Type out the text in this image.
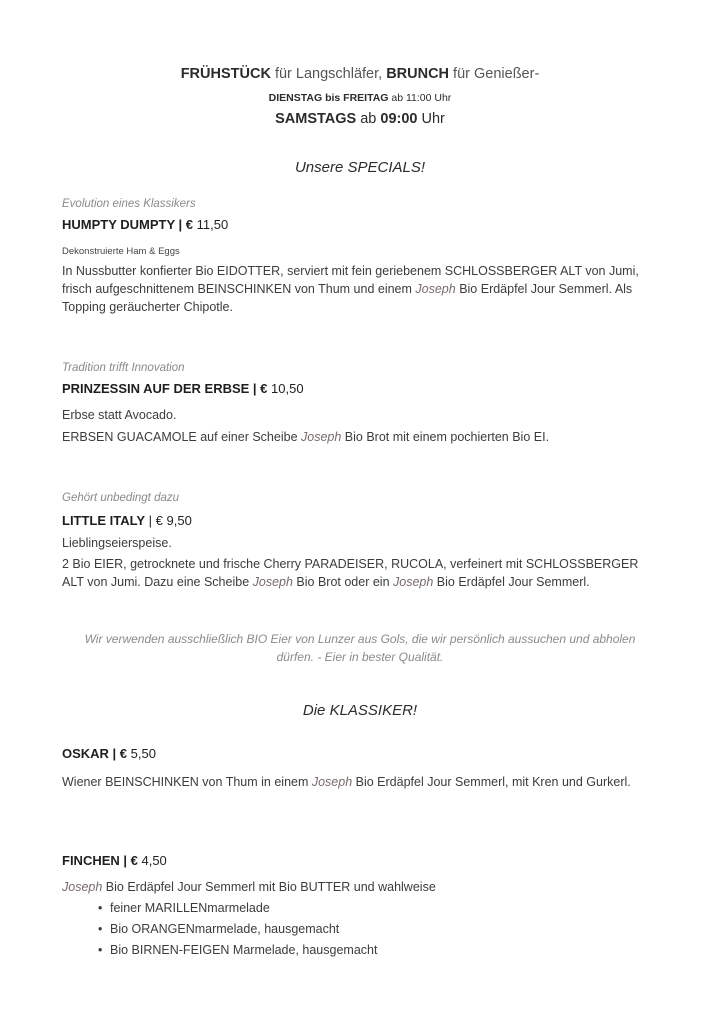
FRÜHSTÜCK für Langschläfer, BRUNCH für Genießer-
DIENSTAG bis FREITAG ab 11:00 Uhr
SAMSTAGS ab 09:00 Uhr
Unsere SPECIALS!
Evolution eines Klassikers
HUMPTY DUMPTY | € 11,50
Dekonstruierte Ham & Eggs
In Nussbutter konfierter Bio EIDOTTER, serviert mit fein geriebenem SCHLOSSBERGER ALT von Jumi, frisch aufgeschnittenem BEINSCHINKEN von Thum und einem Joseph Bio Erdäpfel Jour Semmerl. Als Topping geräucherter Chipotle.
Tradition trifft Innovation
PRINZESSIN AUF DER ERBSE | € 10,50
Erbse statt Avocado.
ERBSEN GUACAMOLE auf einer Scheibe Joseph Bio Brot mit einem pochierten Bio EI.
Gehört unbedingt dazu
LITTLE ITALY | € 9,50
Lieblingseierspeise.
2 Bio EIER, getrocknete und frische Cherry PARADEISER, RUCOLA, verfeinert mit SCHLOSSBERGER ALT von Jumi. Dazu eine Scheibe Joseph Bio Brot oder ein Joseph Bio Erdäpfel Jour Semmerl.
Wir verwenden ausschließlich BIO Eier von Lunzer aus Gols, die wir persönlich aussuchen und abholen dürfen. - Eier in bester Qualität.
Die KLASSIKER!
OSKAR | € 5,50
Wiener BEINSCHINKEN von Thum in einem Joseph Bio Erdäpfel Jour Semmerl, mit Kren und Gurkerl.
FINCHEN | € 4,50
Joseph Bio Erdäpfel Jour Semmerl mit Bio BUTTER und wahlweise
• feiner MARILLENmarmelade
• Bio ORANGENmarmelade, hausgemacht
• Bio BIRNEN-FEIGEN Marmelade, hausgemacht
